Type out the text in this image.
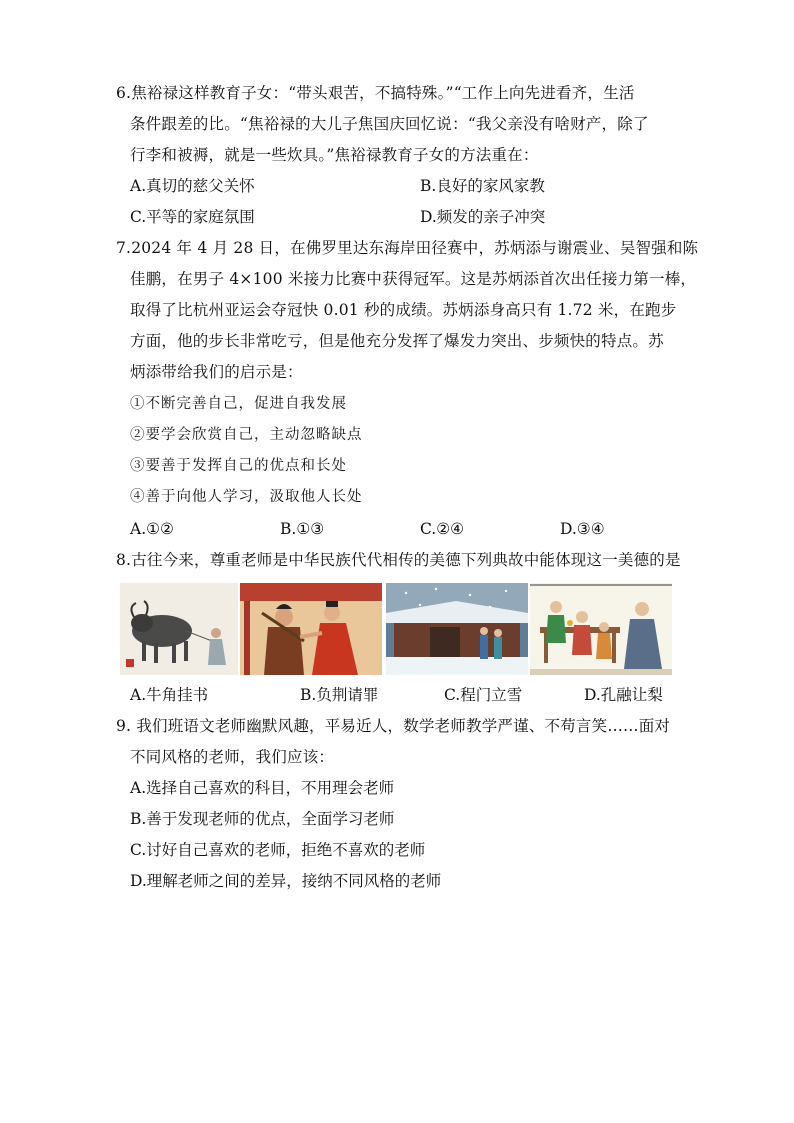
6.焦裕禄这样教育子女：“带头艰苦，不搞特殊。”“工作上向先进看齐，生活
条件跟差的比。“焦裕禄的大儿子焦国庆回忆说：“我父亲没有啥财产，除了
行李和被褥，就是一些炊具。”焦裕禄教育子女的方法重在：
A.真切的慈父关怀	B.良好的家风家教
C.平等的家庭氛围	D.频发的亲子冲突
7.2024 年 4 月 28 日，在佛罗里达东海岸田径赛中，苏炳添与谢震业、吴智强和陈
佳鹏，在男子 4×100 米接力比赛中获得冠军。这是苏炳添首次出任接力第一棒，
取得了比杭州亚运会夺冠快 0.01 秒的成绩。苏炳添身高只有 1.72 米，在跑步
方面，他的步长非常吃亏，但是他充分发挥了爆发力突出、步频快的特点。苏
炳添带给我们的启示是：
①不断完善自己，促进自我发展
②要学会欣赏自己，主动忽略缺点
③要善于发挥自己的优点和长处
④善于向他人学习，汲取他人长处
A.①②	B.①③	C.②④	D.③④
8.古往今来，尊重老师是中华民族代代相传的美德下列典故中能体现这一美德的是
A.牛角挂书	B.负荆请罪	C.程门立雪	D.孔融让梨
9. 我们班语文老师幽默风趣，平易近人，数学老师教学严谨、不苟言笑……面对
不同风格的老师，我们应该：
A.选择自己喜欢的科目，不用理会老师
B.善于发现老师的优点，全面学习老师
C.讨好自己喜欢的老师，拒绝不喜欢的老师
D.理解老师之间的差异，接纳不同风格的老师
